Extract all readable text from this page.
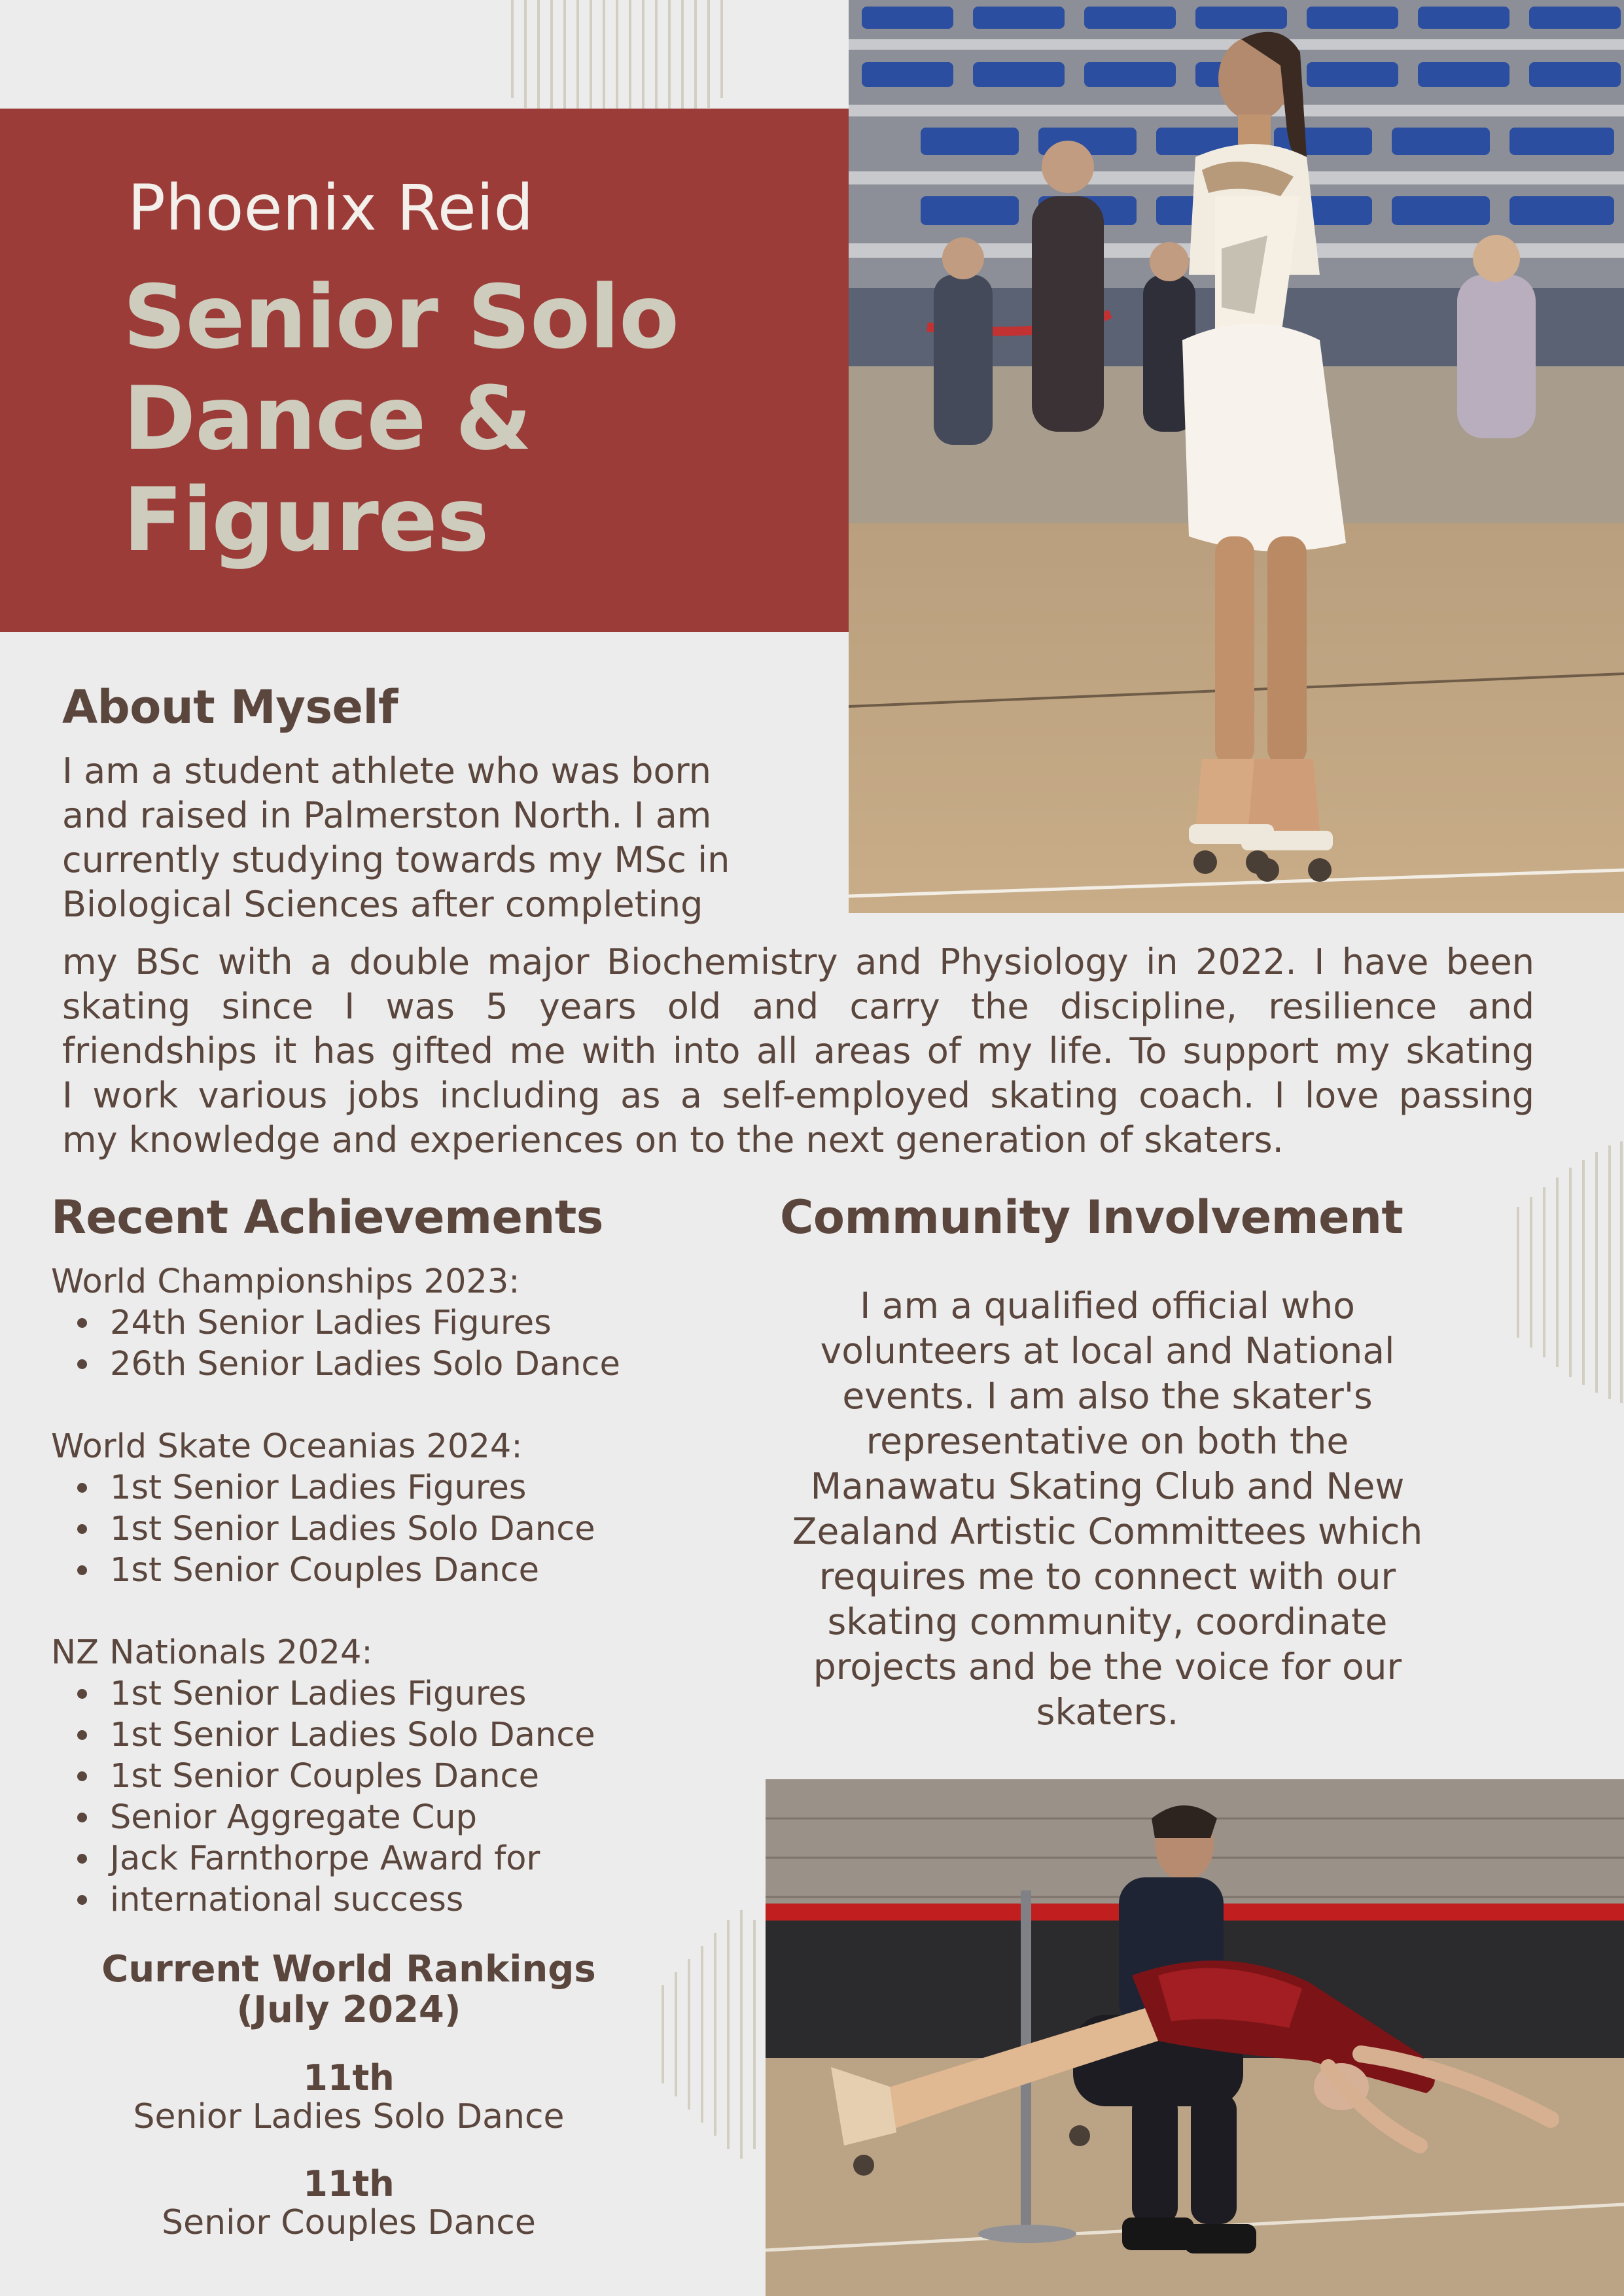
Phoenix Reid
Senior Solo
Dance &
Figures
About Myself
I am a student athlete who was born
and raised in Palmerston North. I am
currently studying towards my MSc in
Biological Sciences after completing
my BSc with a double major Biochemistry and Physiology in 2022. I have been
skating since I was 5 years old and carry the discipline, resilience and
friendships it has gifted me with into all areas of my life. To support my skating
I work various jobs including as a self-employed skating coach. I love passing
my knowledge and experiences on to the next generation of skaters.
Recent Achievements
World Championships 2023:
24th Senior Ladies Figures
26th Senior Ladies Solo Dance
World Skate Oceanias 2024:
1st Senior Ladies Figures
1st Senior Ladies Solo Dance
1st Senior Couples Dance
NZ Nationals 2024:
1st Senior Ladies Figures
1st Senior Ladies Solo Dance
1st Senior Couples Dance
Senior Aggregate Cup
Jack Farnthorpe Award for
international success
Current World Rankings
(July 2024)
11th
Senior Ladies Solo Dance
11th
Senior Couples Dance
Community Involvement
I am a qualified official who
volunteers at local and National
events. I am also the skater's
representative on both the
Manawatu Skating Club and New
Zealand Artistic Committees which
requires me to connect with our
skating community, coordinate
projects and be the voice for our
skaters.
